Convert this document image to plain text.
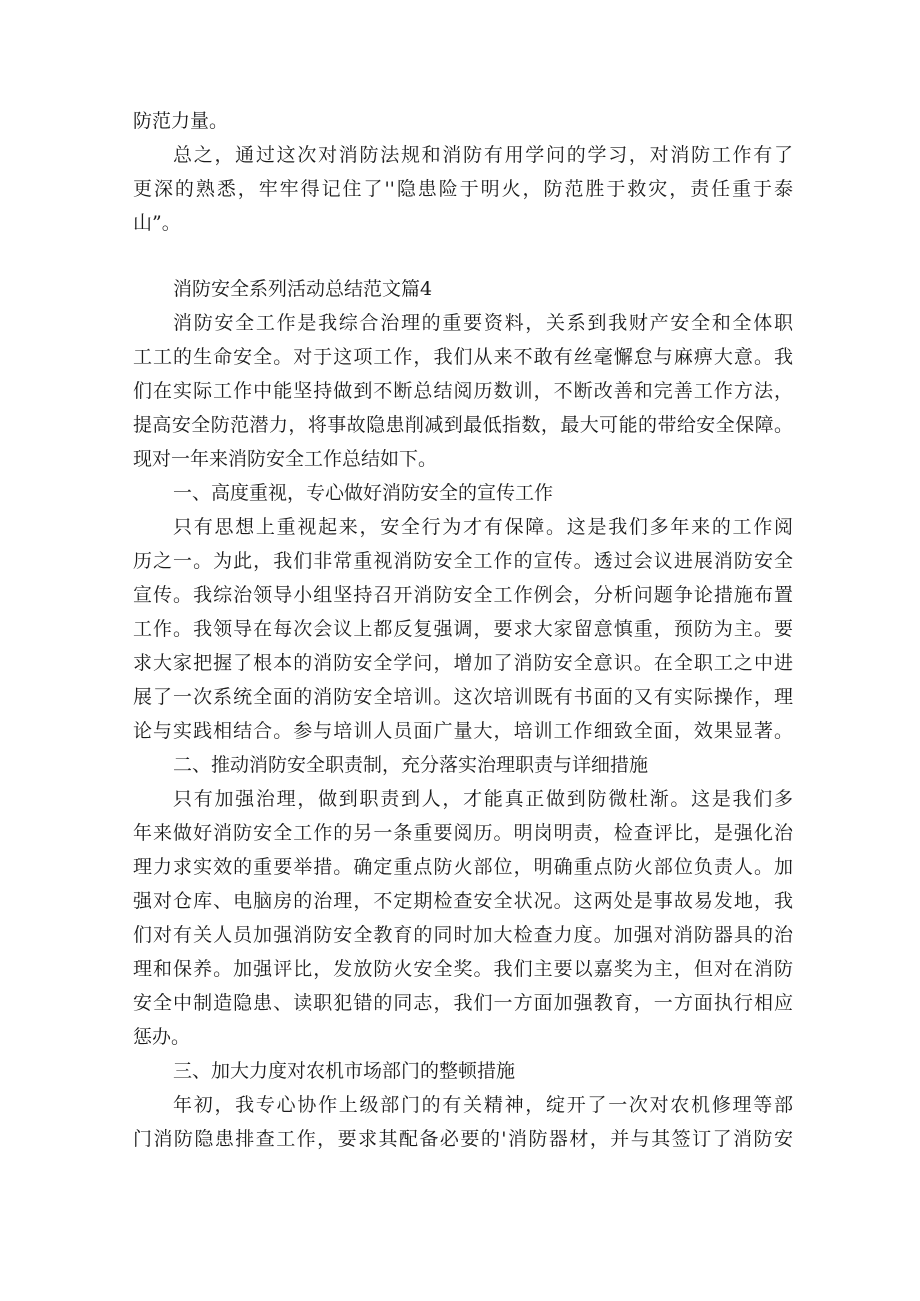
防范力量。
总之，通过这次对消防法规和消防有用学问的学习，对消防工作有了
更深的熟悉，牢牢得记住了''隐患险于明火，防范胜于救灾，责任重于泰
山”。
消防安全系列活动总结范文篇4
消防安全工作是我综合治理的重要资料，关系到我财产安全和全体职
工工的生命安全。对于这项工作，我们从来不敢有丝毫懈怠与麻痹大意。我
们在实际工作中能坚持做到不断总结阅历数训，不断改善和完善工作方法，
提高安全防范潜力，将事故隐患削减到最低指数，最大可能的带给安全保障。
现对一年来消防安全工作总结如下。
一、高度重视，专心做好消防安全的宣传工作
只有思想上重视起来，安全行为才有保障。这是我们多年来的工作阅
历之一。为此，我们非常重视消防安全工作的宣传。透过会议进展消防安全
宣传。我综治领导小组坚持召开消防安全工作例会，分析问题争论措施布置
工作。我领导在每次会议上都反复强调，要求大家留意慎重，预防为主。要
求大家把握了根本的消防安全学问，增加了消防安全意识。在全职工之中进
展了一次系统全面的消防安全培训。这次培训既有书面的又有实际操作，理
论与实践相结合。参与培训人员面广量大，培训工作细致全面，效果显著。
二、推动消防安全职责制，充分落实治理职责与详细措施
只有加强治理，做到职责到人，才能真正做到防微杜渐。这是我们多
年来做好消防安全工作的另一条重要阅历。明岗明责，检查评比，是强化治
理力求实效的重要举措。确定重点防火部位，明确重点防火部位负责人。加
强对仓库、电脑房的治理，不定期检查安全状况。这两处是事故易发地，我
们对有关人员加强消防安全教育的同时加大检查力度。加强对消防器具的治
理和保养。加强评比，发放防火安全奖。我们主要以嘉奖为主，但对在消防
安全中制造隐患、读职犯错的同志，我们一方面加强教育，一方面执行相应
惩办。
三、加大力度对农机市场部门的整顿措施
年初，我专心协作上级部门的有关精神，绽开了一次对农机修理等部
门消防隐患排查工作，要求其配备必要的'消防器材，并与其签订了消防安
